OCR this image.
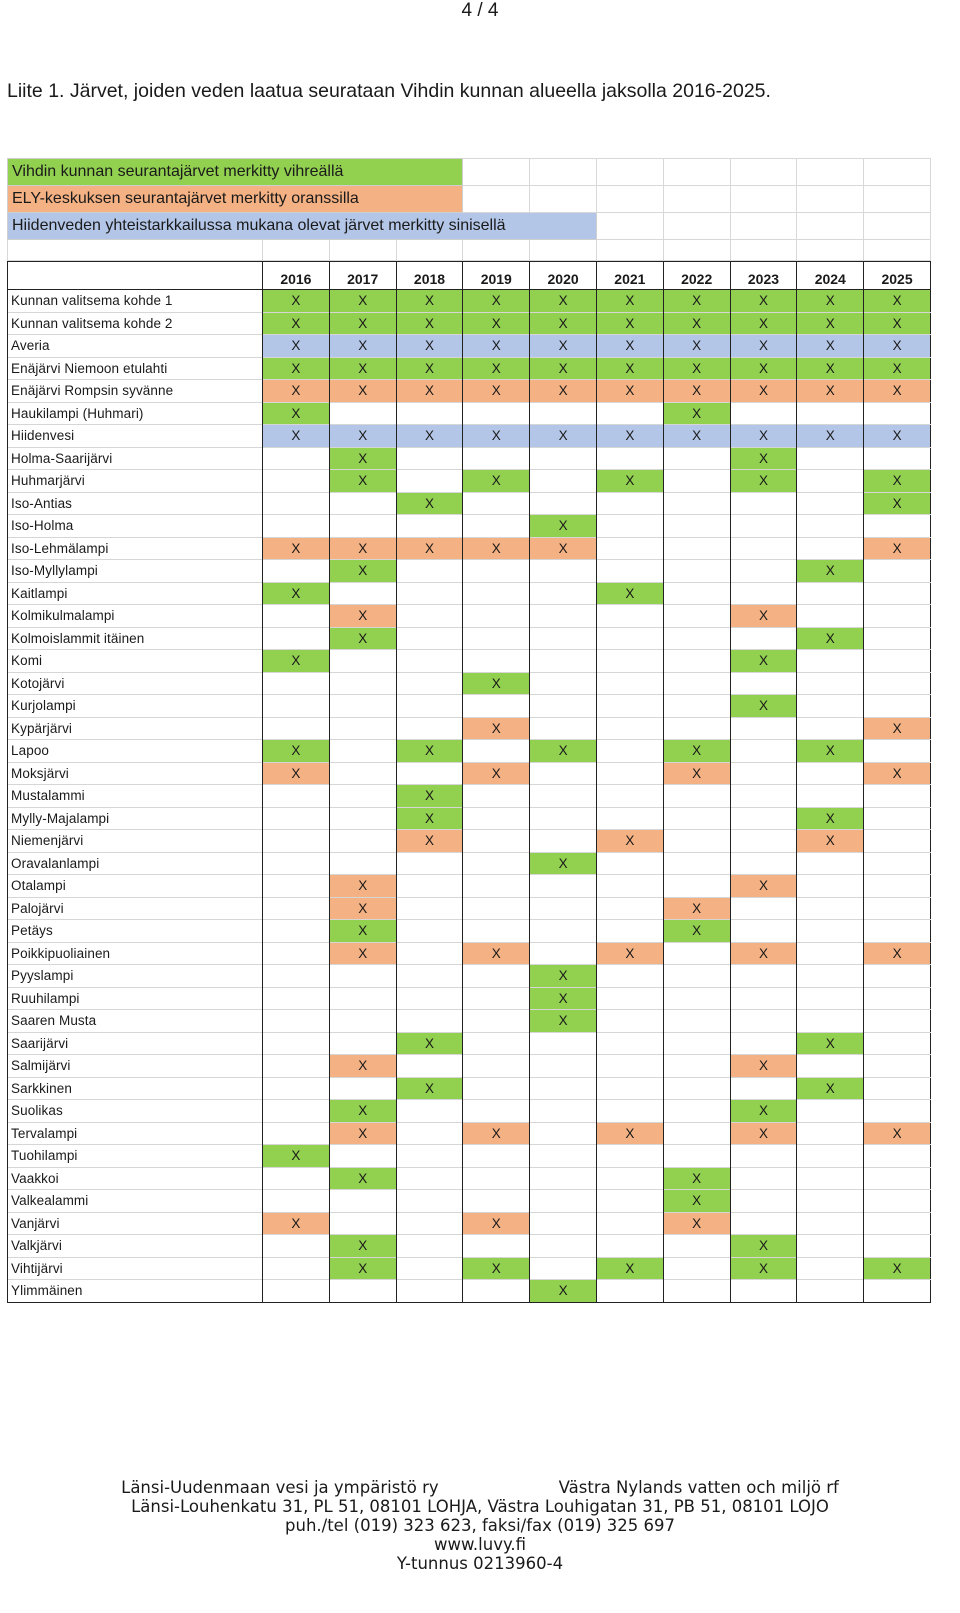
4 / 4
Liite 1. Järvet, joiden veden laatua seurataan Vihdin kunnan alueella jaksolla 2016-2025.
Vihdin kunnan seurantajärvet merkitty vihreällä										
ELY-keskuksen seurantajärvet merkitty oranssilla										
Hiidenveden yhteistarkkailussa mukana olevat järvet merkitty sinisellä										

	2016	2017	2018	2019	2020	2021	2022	2023	2024	2025
Kunnan valitsema kohde 1	X	X	X	X	X	X	X	X	X	X
Kunnan valitsema kohde 2	X	X	X	X	X	X	X	X	X	X
Averia	X	X	X	X	X	X	X	X	X	X
Enäjärvi Niemoon etulahti	X	X	X	X	X	X	X	X	X	X
Enäjärvi Rompsin syvänne	X	X	X	X	X	X	X	X	X	X
Haukilampi (Huhmari)	X						X			
Hiidenvesi	X	X	X	X	X	X	X	X	X	X
Holma-Saarijärvi		X						X		
Huhmarjärvi		X		X		X		X		X
Iso-Antias			X							X
Iso-Holma					X					
Iso-Lehmälampi	X	X	X	X	X					X
Iso-Myllylampi		X							X	
Kaitlampi	X					X				
Kolmikulmalampi		X						X		
Kolmoislammit itäinen		X							X	
Komi	X							X		
Kotojärvi				X						
Kurjolampi								X		
Kypärjärvi				X						X
Lapoo	X		X		X		X		X	
Moksjärvi	X			X			X			X
Mustalammi			X							
Mylly-Majalampi			X						X	
Niemenjärvi			X			X			X	
Oravalanlampi					X					
Otalampi		X						X		
Palojärvi		X					X			
Petäys		X					X			
Poikkipuoliainen		X		X		X		X		X
Pyyslampi					X					
Ruuhilampi					X					
Saaren Musta					X					
Saarijärvi			X						X	
Salmijärvi		X						X		
Sarkkinen			X						X	
Suolikas		X						X		
Tervalampi		X		X		X		X		X
Tuohilampi	X									
Vaakkoi		X					X			
Valkealammi							X			
Vanjärvi	X			X			X			
Valkjärvi		X						X		
Vihtijärvi		X		X		X		X		X
Ylimmäinen					X					
Länsi-Uudenmaan vesi ja ympäristö ry	Västra Nylands vatten och miljö rf
Länsi-Louhenkatu 31, PL 51, 08101 LOHJA, Västra Louhigatan 31, PB 51, 08101 LOJO
puh./tel (019) 323 623, faksi/fax (019) 325 697
www.luvy.fi
Y-tunnus 0213960-4
